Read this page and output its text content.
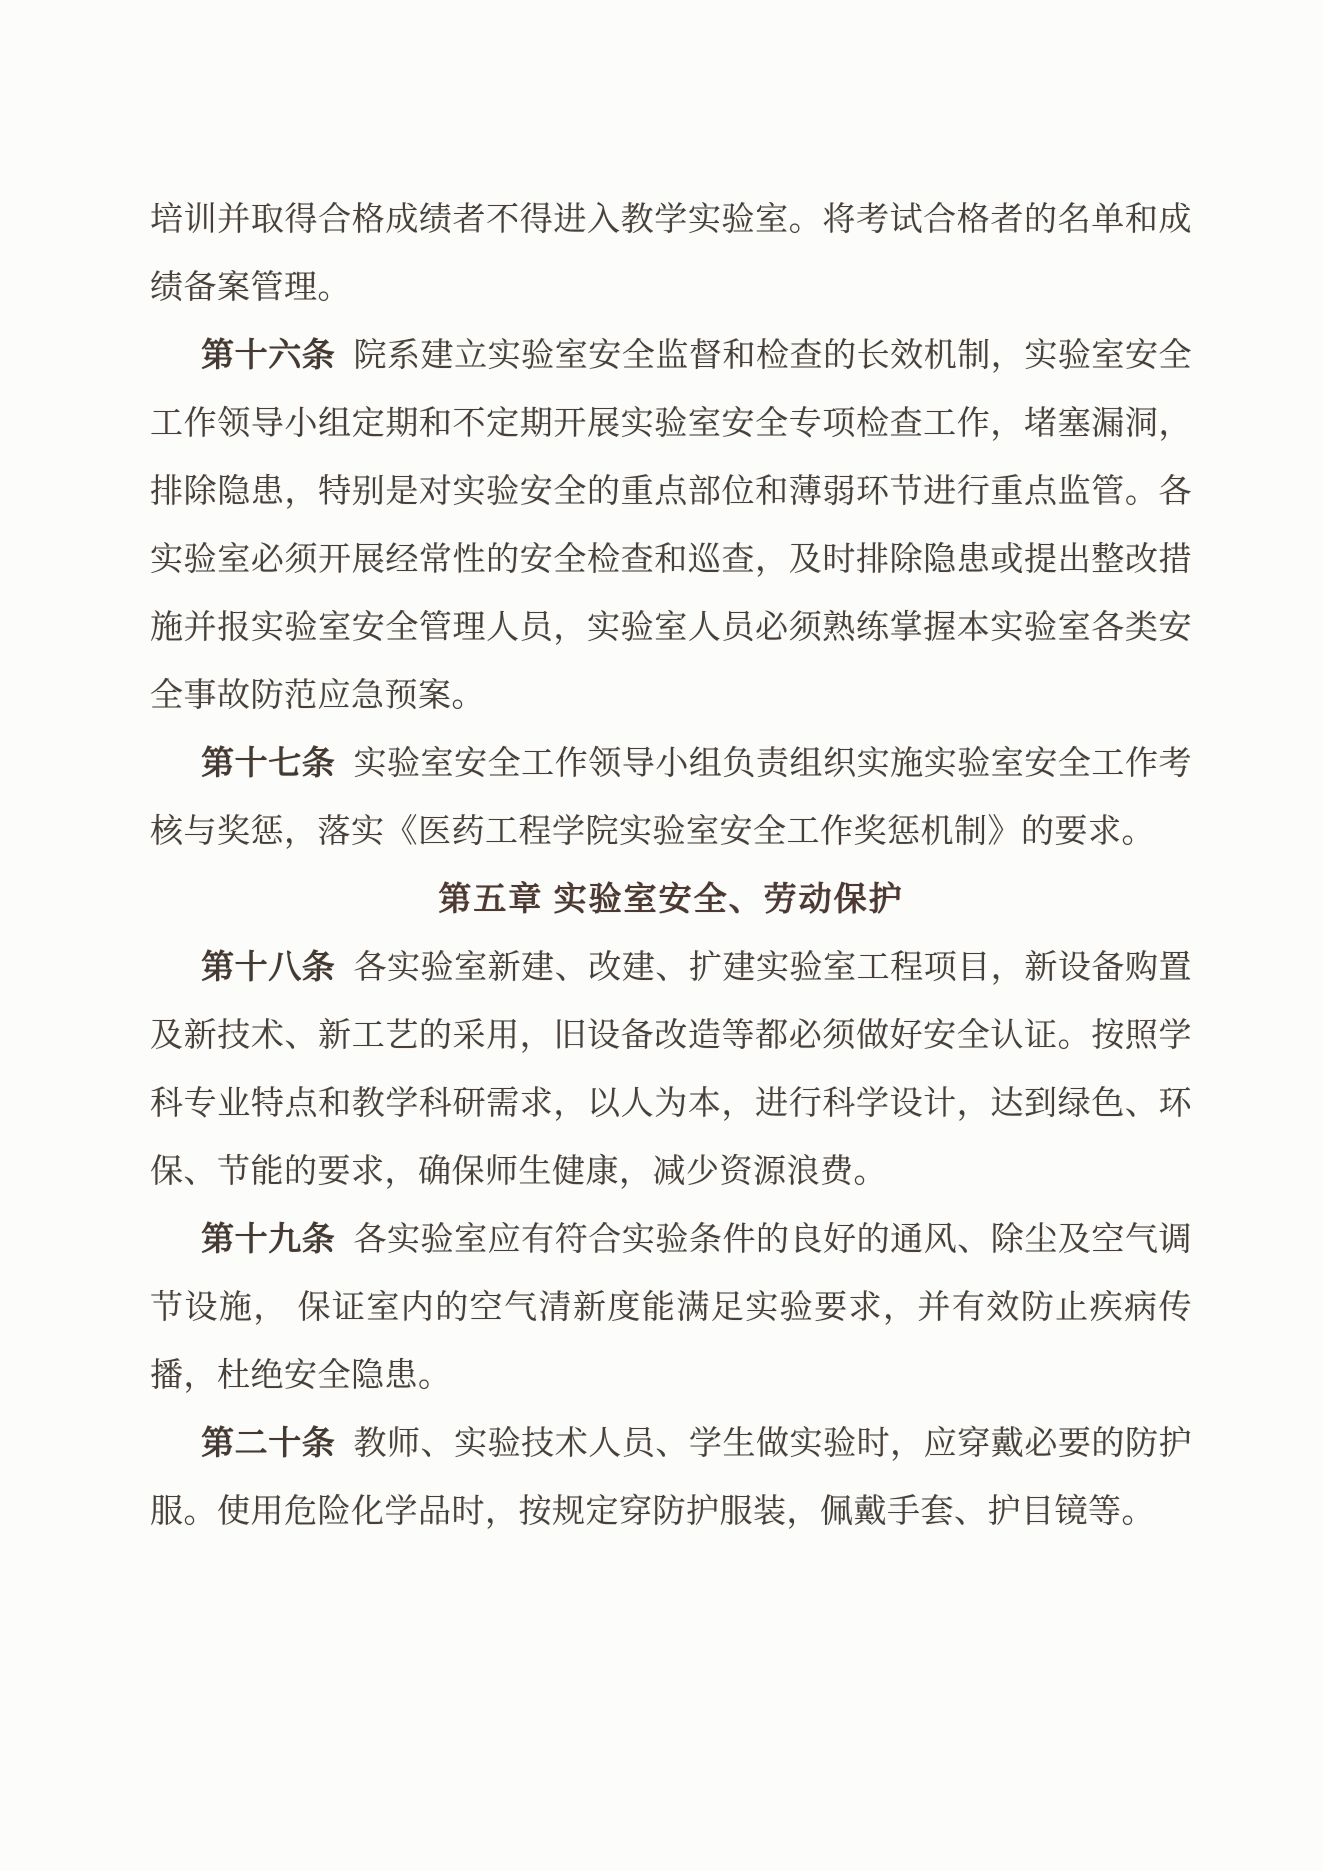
培训并取得合格成绩者不得进入教学实验室。将考试合格者的名单和成绩备案管理。

第十六条 院系建立实验室安全监督和检查的长效机制，实验室安全工作领导小组定期和不定期开展实验室安全专项检查工作，堵塞漏洞，排除隐患，特别是对实验安全的重点部位和薄弱环节进行重点监管。各实验室必须开展经常性的安全检查和巡查，及时排除隐患或提出整改措施并报实验室安全管理人员，实验室人员必须熟练掌握本实验室各类安全事故防范应急预案。

第十七条 实验室安全工作领导小组负责组织实施实验室安全工作考核与奖惩，落实《医药工程学院实验室安全工作奖惩机制》的要求。

第五章 实验室安全、劳动保护

第十八条 各实验室新建、改建、扩建实验室工程项目，新设备购置及新技术、新工艺的采用，旧设备改造等都必须做好安全认证。按照学科专业特点和教学科研需求，以人为本，进行科学设计，达到绿色、环保、节能的要求，确保师生健康，减少资源浪费。

第十九条 各实验室应有符合实验条件的良好的通风、除尘及空气调节设施， 保证室内的空气清新度能满足实验要求，并有效防止疾病传播，杜绝安全隐患。

第二十条 教师、实验技术人员、学生做实验时，应穿戴必要的防护服。使用危险化学品时，按规定穿防护服装，佩戴手套、护目镜等。
